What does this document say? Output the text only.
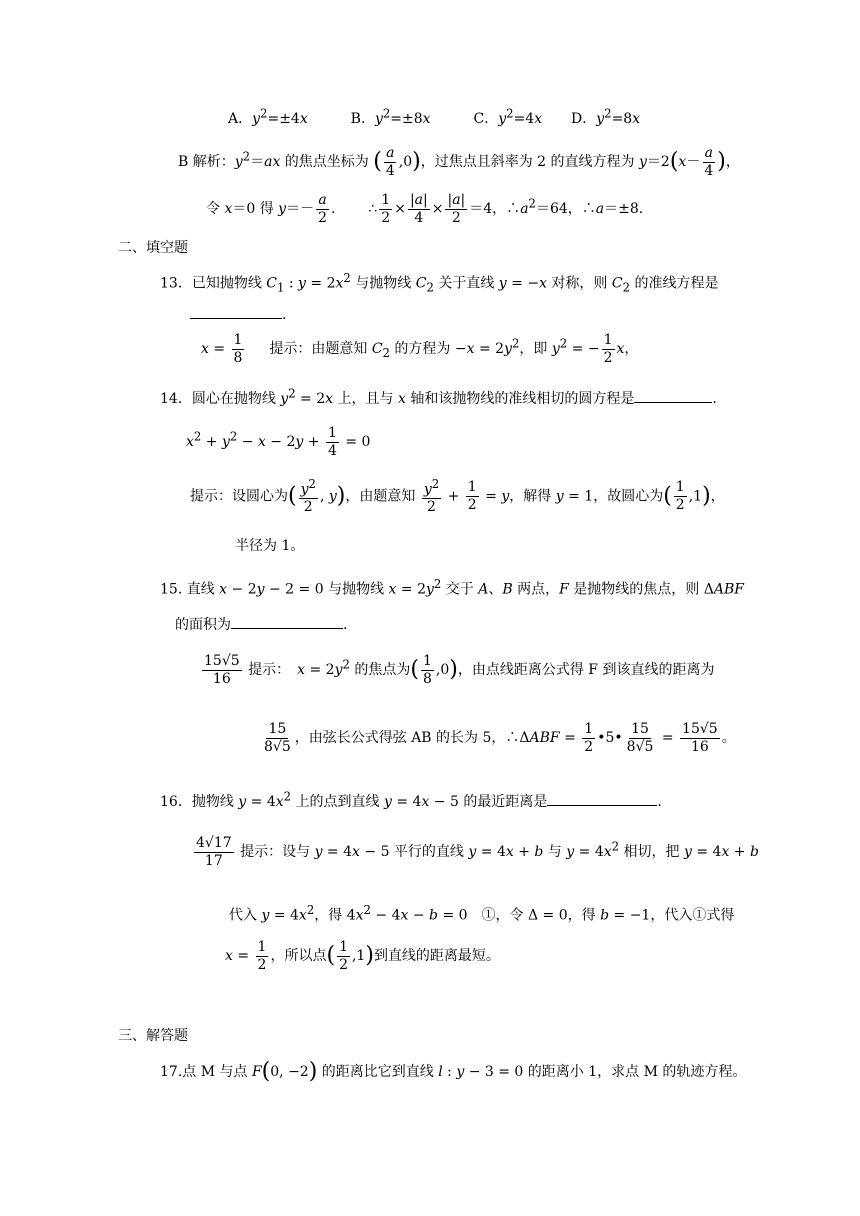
A．$y^2=\pm 4x$	B．$y^2=\pm 8x$	C．$y^2=4x$ D．$y^2=8x$
B 解析：$y^2=ax$ 的焦点坐标为 ( $\frac{a}{4} ,0$)，过焦点且斜率为 2 的直线方程为 $y=2(x- \frac{a}{4}$ )，
令 x＝0 得 $y=- \frac{a}{2}$ .  ∴ $\frac{1}{2} \times \frac{|a|}{4} \times \frac{|a|}{2} =4$，$\therefore a^2=64$，∴a＝±8.
二、填空题
13．已知抛物线 $C_1$ : $y = 2x^2$ 与抛物线 $C_2$ 关于直线 y = −x 对称，则 $C_2$ 的准线方程是
.
$x = \frac{1}{8}$ 提示：由题意知 $C_2$ 的方程为 $-x = 2y^2$，即 $y^2$ = − $\frac{1}{2}$ x，
14．圆心在抛物线 $y^2 = 2x$ 上，且与 x 轴和该抛物线的准线相切的圆方程是	.
$x^2 + y^2 - x - 2y + \frac{1}{4} = 0$
提示：设圆心为( $\frac{y^2}{2}$ , y)，由题意知 $\frac{y^2}{2} + \frac{1}{2} = y$，解得 y = 1，故圆心为( $\frac{1}{2} ,1$)，
半径为 1。
15. 直线 x − 2y − 2 = 0 与抛物线 $x = 2y^2$ 交于 A、B 两点，F 是抛物线的焦点，则 ΔABF
的面积为	.
$\frac{15√5}{16}$ 提示：　$x = 2y^2$ 的焦点为( $\frac{1}{8} ,0$)，由点线距离公式得 F 到该直线的距离为
$\frac{15}{8√5}$ ，由弦长公式得弦 AB 的长为 5，∴ΔABF = $\frac{1}{2}$ •5• $\frac{15}{8√5} = \frac{15√5}{16}$ 。
16．抛物线 $y = 4x^2$ 上的点到直线 y = 4x − 5 的最近距离是	.
$\frac{4√17}{17}$ 提示：设与 y = 4x − 5 平行的直线 y = 4x + b 与 $y = 4x^2$ 相切，把 y = 4x + b
代入 $y = 4x^2$，得 $4x^2 - 4x - b = 0$　①，令 Δ = 0，得 b = −1，代入①式得
$x = \frac{1}{2}$ ，所以点( $\frac{1}{2} ,1$)到直线的距离最短。
三、解答题
17.点 M 与点 F(0, −2) 的距离比它到直线 l : y − 3 = 0 的距离小 1，求点 M 的轨迹方程。
